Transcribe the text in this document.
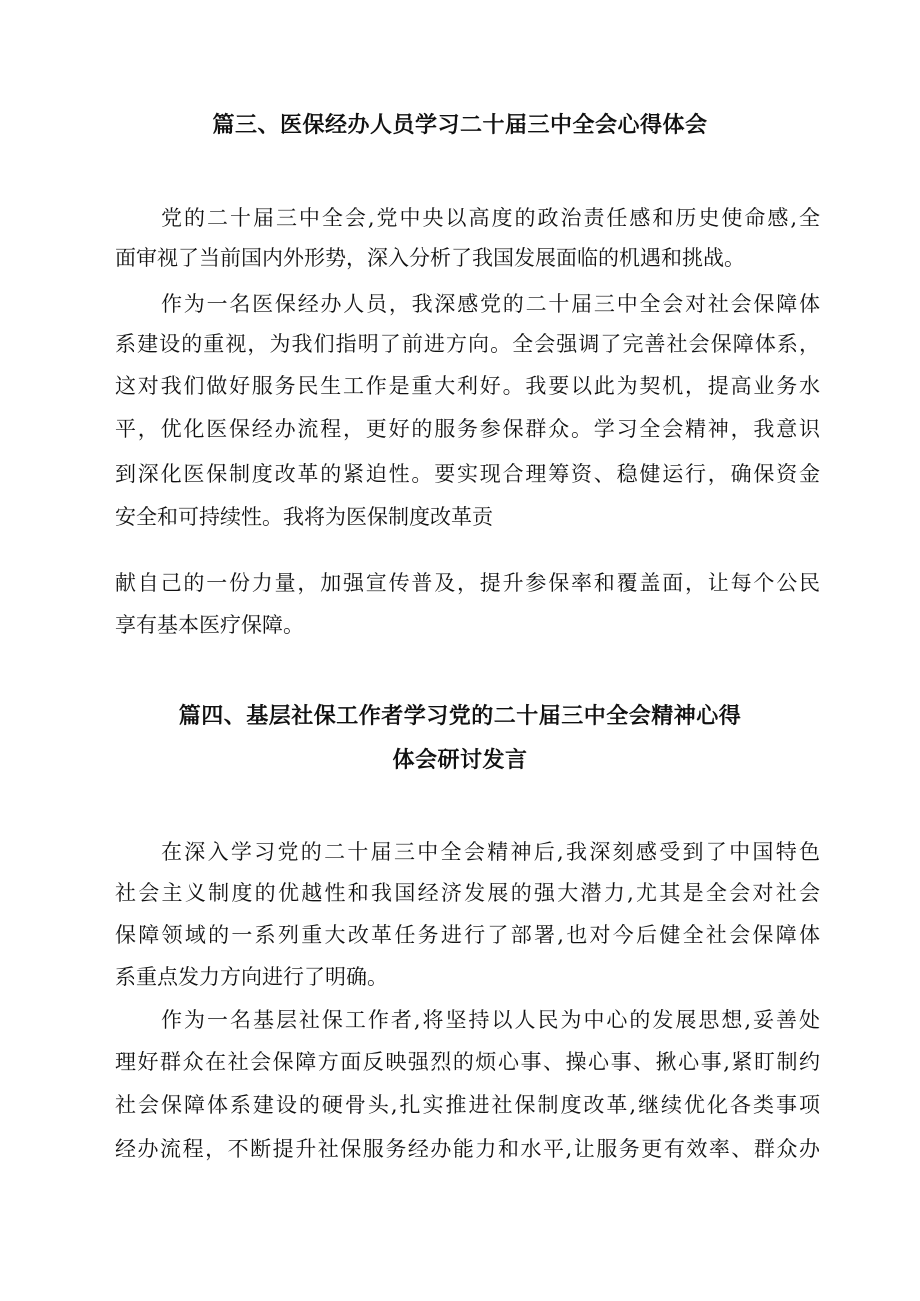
篇三、医保经办人员学习二十届三中全会心得体会
党的二十届三中全会,党中央以高度的政治责任感和历史使命感,全
面审视了当前国内外形势，深入分析了我国发展面临的机遇和挑战。
作为一名医保经办人员，我深感党的二十届三中全会对社会保障体
系建设的重视，为我们指明了前进方向。全会强调了完善社会保障体系，
这对我们做好服务民生工作是重大利好。我要以此为契机，提高业务水
平，优化医保经办流程，更好的服务参保群众。学习全会精神，我意识
到深化医保制度改革的紧迫性。要实现合理筹资、稳健运行，确保资金
安全和可持续性。我将为医保制度改革贡
献自己的一份力量，加强宣传普及，提升参保率和覆盖面，让每个公民
享有基本医疗保障。
篇四、基层社保工作者学习党的二十届三中全会精神心得
体会研讨发言
在深入学习党的二十届三中全会精神后,我深刻感受到了中国特色
社会主义制度的优越性和我国经济发展的强大潜力,尤其是全会对社会
保障领域的一系列重大改革任务进行了部署,也对今后健全社会保障体
系重点发力方向进行了明确。
作为一名基层社保工作者,将坚持以人民为中心的发展思想,妥善处
理好群众在社会保障方面反映强烈的烦心事、操心事、揪心事,紧盯制约
社会保障体系建设的硬骨头,扎实推进社保制度改革,继续优化各类事项
经办流程，不断提升社保服务经办能力和水平,让服务更有效率、群众办
